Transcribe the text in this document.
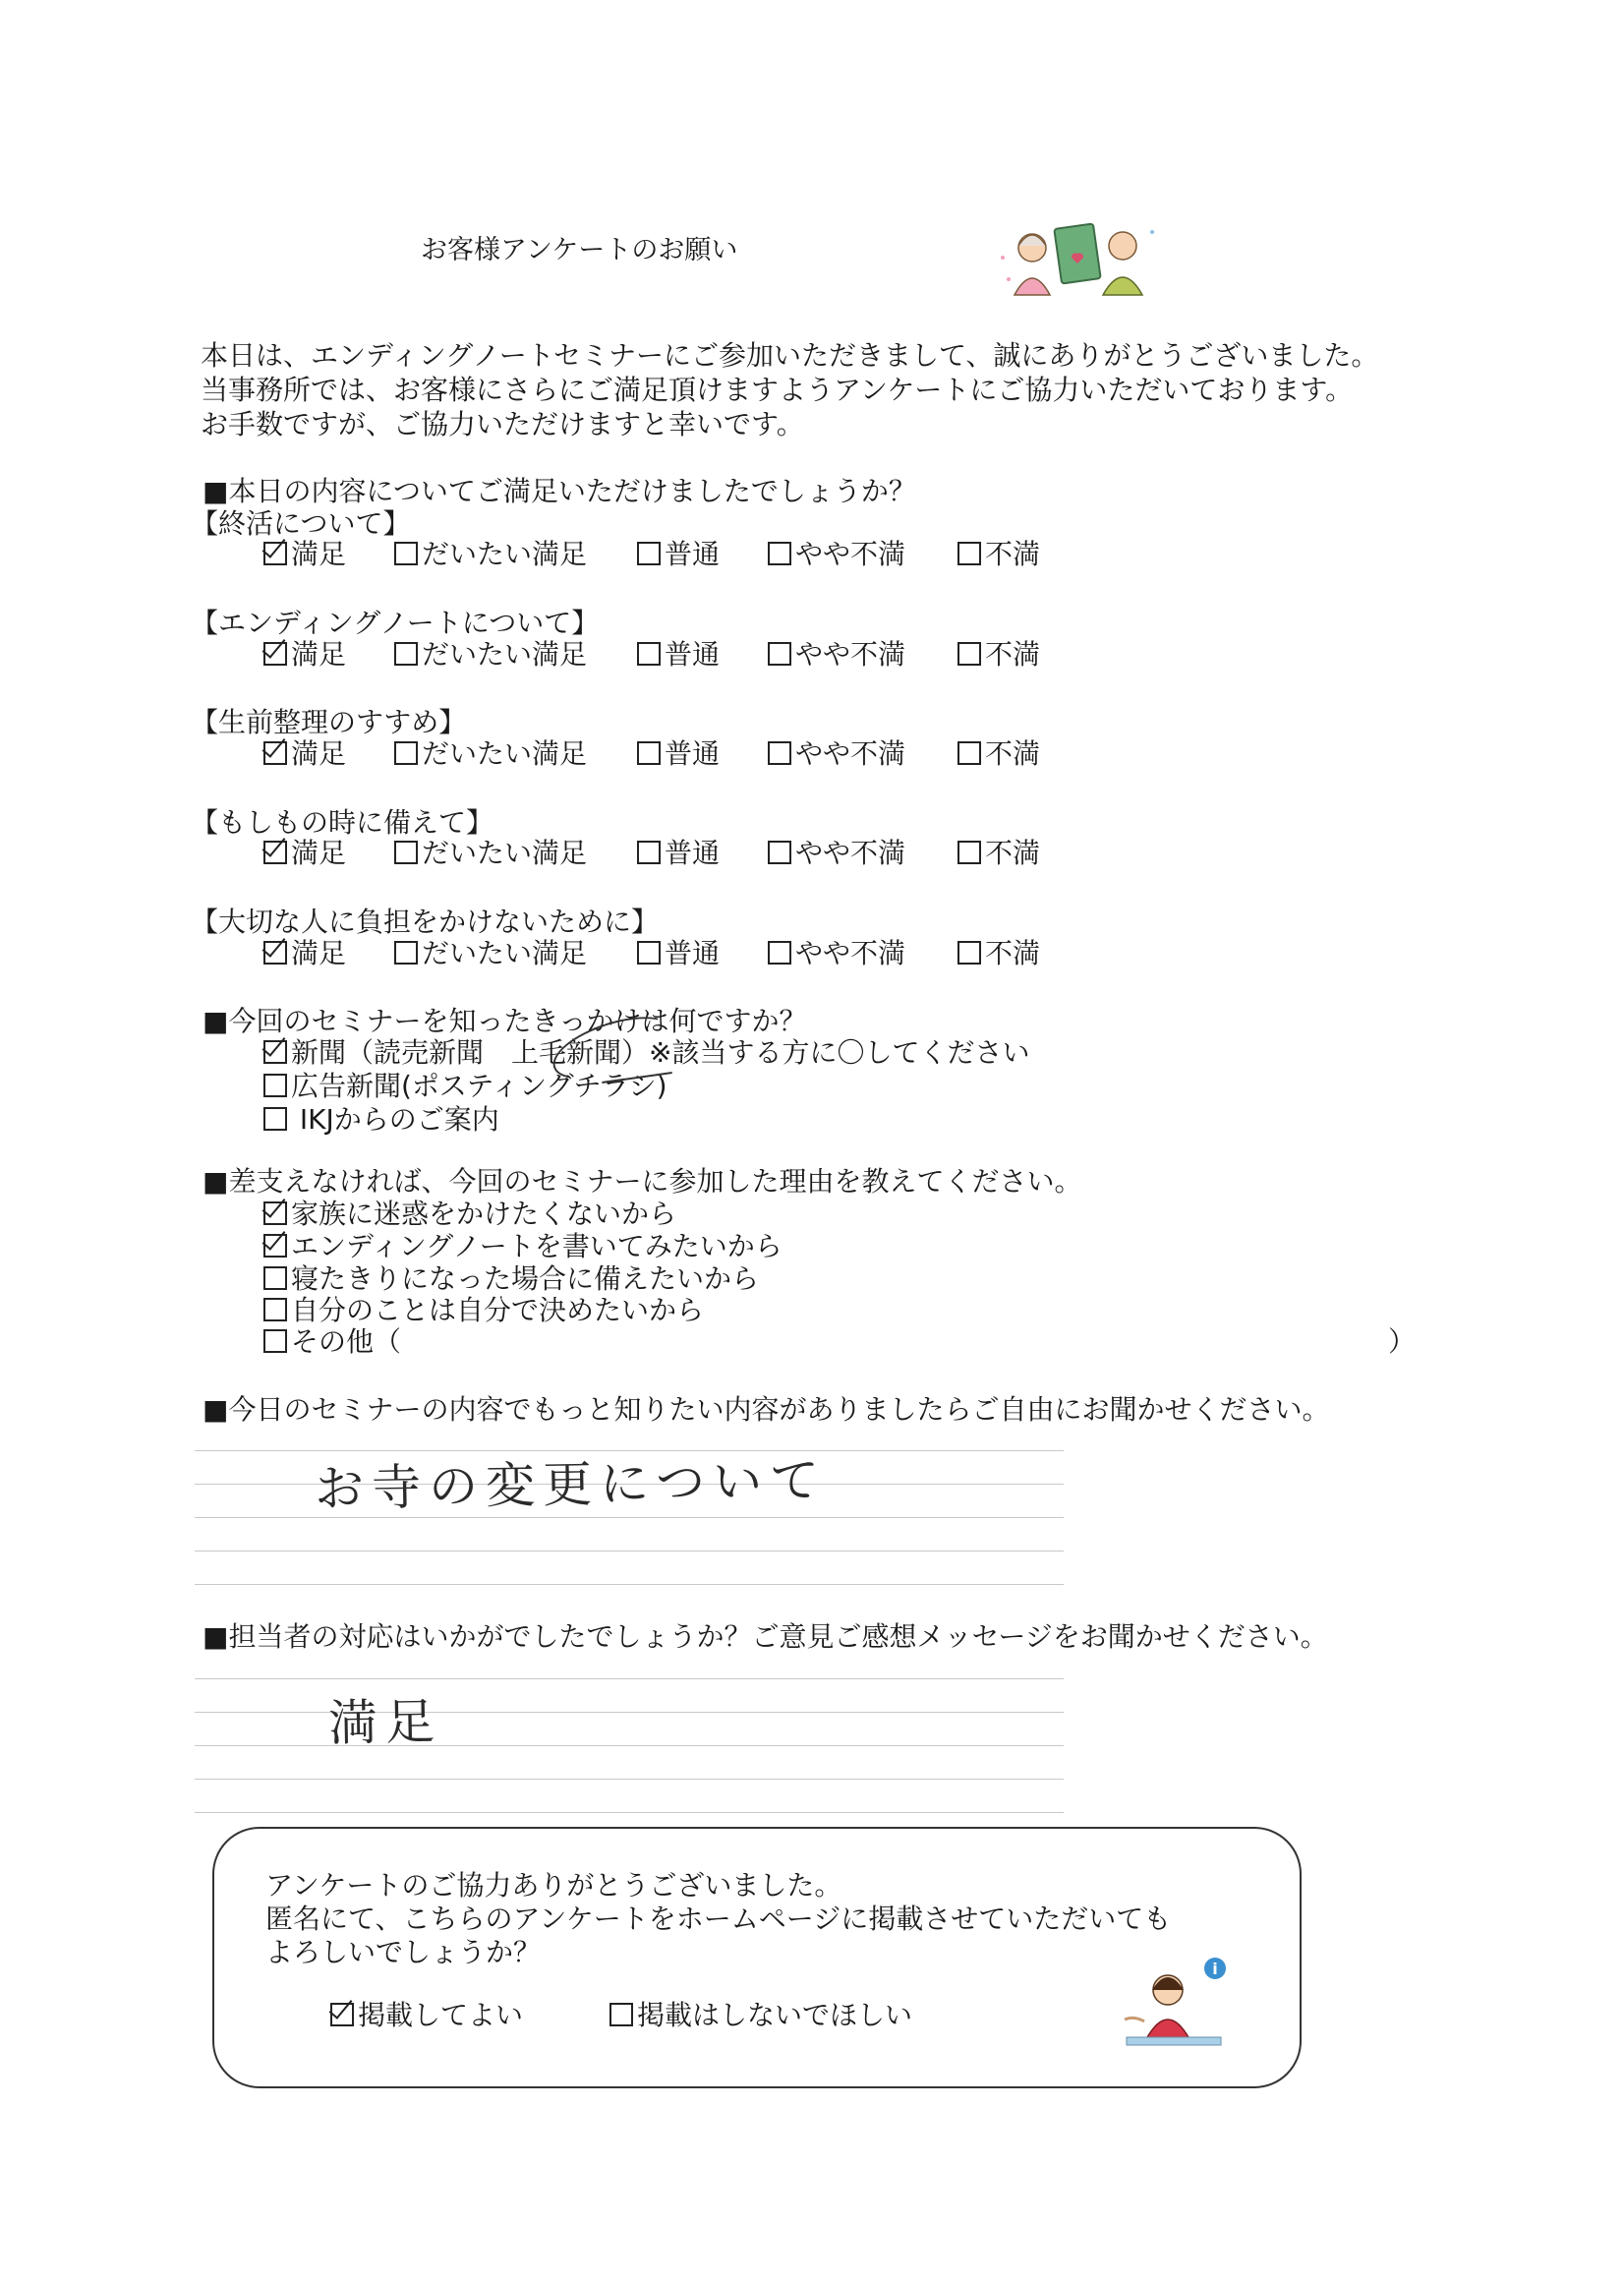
お客様アンケートのお願い
本日は、エンディングノートセミナーにご参加いただきまして、誠にありがとうございました。
当事務所では、お客様にさらにご満足頂けますようアンケートにご協力いただいております。
お手数ですが、ご協力いただけますと幸いです。
■本日の内容についてご満足いただけましたでしょうか？
【終活について】
満足	だいたい満足	普通	やや不満	不満
【エンディングノートについて】
満足	だいたい満足	普通	やや不満	不満
【生前整理のすすめ】
満足	だいたい満足	普通	やや不満	不満
【もしもの時に備えて】
満足	だいたい満足	普通	やや不満	不満
【大切な人に負担をかけないために】
満足	だいたい満足	普通	やや不満	不満
■今回のセミナーを知ったきっかけは何ですか？
新聞（読売新聞　上毛新聞）※該当する方に〇してください
広告新聞(ポスティングチラシ)
IKJからのご案内
■差支えなければ、今回のセミナーに参加した理由を教えてください。
家族に迷惑をかけたくないから
エンディングノートを書いてみたいから
寝たきりになった場合に備えたいから
自分のことは自分で決めたいから
その他（	）
■今日のセミナーの内容でもっと知りたい内容がありましたらご自由にお聞かせください。
お寺の変更について
■担当者の対応はいかがでしたでしょうか？ご意見ご感想メッセージをお聞かせください。
満足
アンケートのご協力ありがとうございました。
匿名にて、こちらのアンケートをホームページに掲載させていただいても
よろしいでしょうか？
掲載してよい	掲載はしないでほしい
i
